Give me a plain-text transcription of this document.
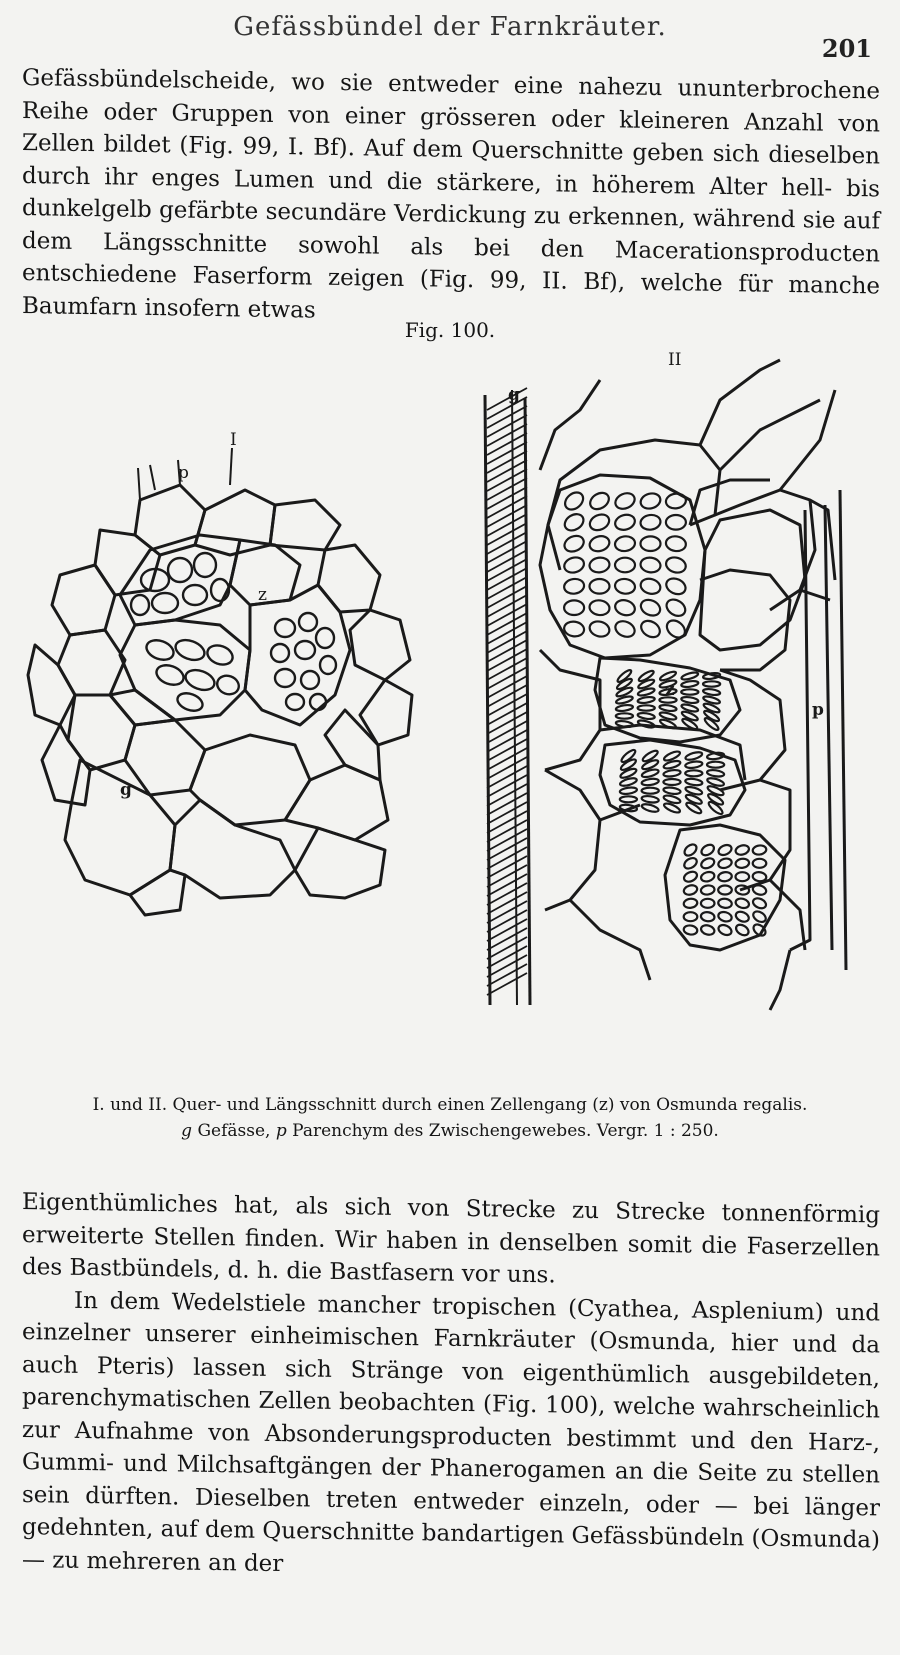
Gefässbündel der Farnkräuter.
201

Gefässbündelscheide, wo sie entweder eine nahezu ununterbrochene Reihe oder Gruppen von einer grösseren oder kleineren Anzahl von Zellen bildet (Fig. 99, I. Bf). Auf dem Querschnitte geben sich dieselben durch ihr enges Lumen und die stärkere, in höherem Alter hell- bis dunkelgelb gefärbte secundäre Verdickung zu erkennen, während sie auf dem Längsschnitte sowohl als bei den Macerationsproducten entschiedene Faserform zeigen (Fig. 99, II. Bf), welche für manche Baumfarn insofern etwas

Fig. 100.
I
p
z
g
II
g
z
p
I. und II. Quer- und Längsschnitt durch einen Zellengang (z) von Osmunda regalis.
g Gefässe, p Parenchym des Zwischengewebes. Vergr. 1 : 250.

Eigenthümliches hat, als sich von Strecke zu Strecke tonnenförmig erweiterte Stellen finden. Wir haben in denselben somit die Faserzellen des Bastbündels, d. h. die Bastfasern vor uns.

In dem Wedelstiele mancher tropischen (Cyathea, Asplenium) und einzelner unserer einheimischen Farnkräuter (Osmunda, hier und da auch Pteris) lassen sich Stränge von eigenthümlich ausgebildeten, parenchymatischen Zellen beobachten (Fig. 100), welche wahrscheinlich zur Aufnahme von Absonderungsproducten bestimmt und den Harz-, Gummi- und Milchsaftgängen der Phanerogamen an die Seite zu stellen sein dürften. Dieselben treten entweder einzeln, oder — bei länger gedehnten, auf dem Querschnitte bandartigen Gefässbündeln (Osmunda) — zu mehreren an der
